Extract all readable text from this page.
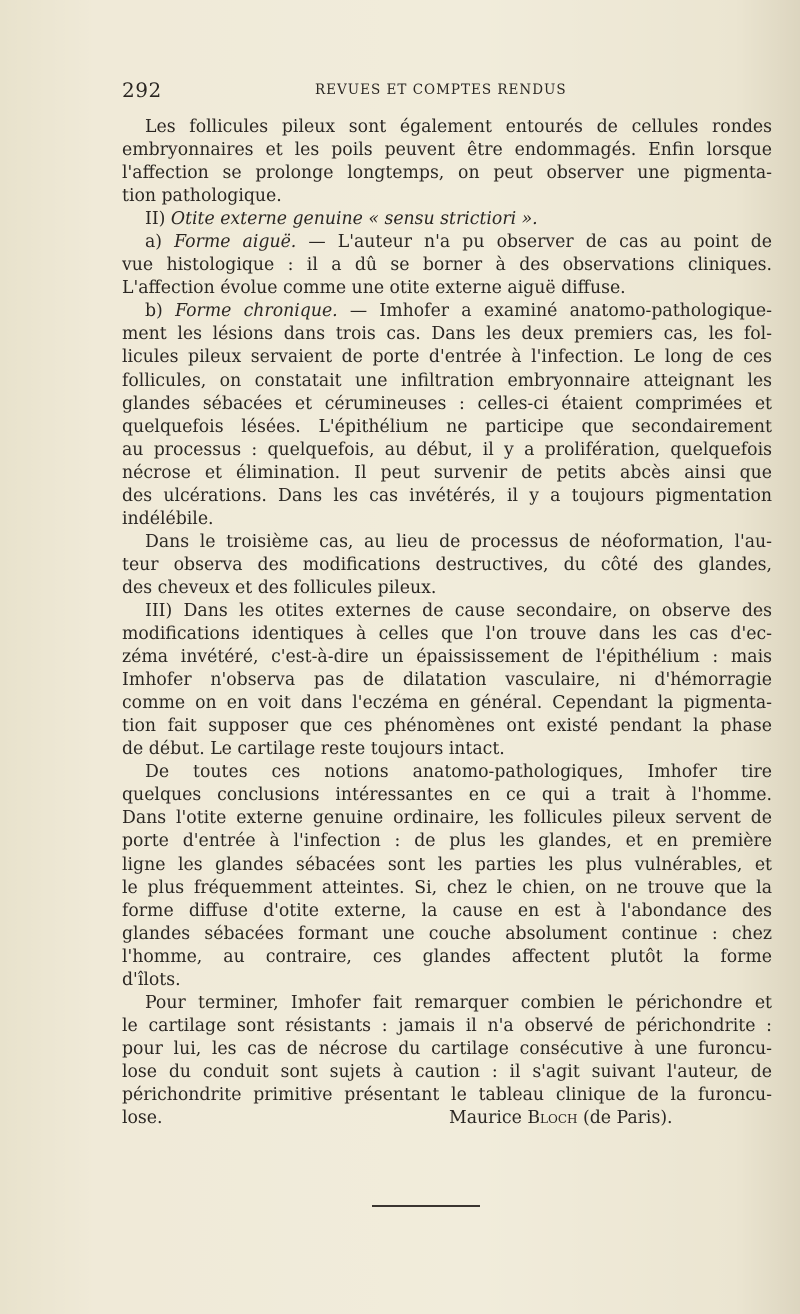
292	REVUES ET COMPTES RENDUS
Les follicules pileux sont également entourés de cellules rondes
embryonnaires et les poils peuvent être endommagés. Enfin lorsque
l'affection se prolonge longtemps, on peut observer une pigmenta-
tion pathologique.
II) Otite externe genuine « sensu strictiori ».
a) Forme aiguë. — L'auteur n'a pu observer de cas au point de
vue histologique : il a dû se borner à des observations cliniques.
L'affection évolue comme une otite externe aiguë diffuse.
b) Forme chronique. — Imhofer a examiné anatomo-pathologique-
ment les lésions dans trois cas. Dans les deux premiers cas, les fol-
licules pileux servaient de porte d'entrée à l'infection. Le long de ces
follicules, on constatait une infiltration embryonnaire atteignant les
glandes sébacées et cérumineuses : celles-ci étaient comprimées et
quelquefois lésées. L'épithélium ne participe que secondairement
au processus : quelquefois, au début, il y a prolifération, quelquefois
nécrose et élimination. Il peut survenir de petits abcès ainsi que
des ulcérations. Dans les cas invétérés, il y a toujours pigmentation
indélébile.
Dans le troisième cas, au lieu de processus de néoformation, l'au-
teur observa des modifications destructives, du côté des glandes,
des cheveux et des follicules pileux.
III) Dans les otites externes de cause secondaire, on observe des
modifications identiques à celles que l'on trouve dans les cas d'ec-
zéma invétéré, c'est-à-dire un épaississement de l'épithélium : mais
Imhofer n'observa pas de dilatation vasculaire, ni d'hémorragie
comme on en voit dans l'eczéma en général. Cependant la pigmenta-
tion fait supposer que ces phénomènes ont existé pendant la phase
de début. Le cartilage reste toujours intact.
De toutes ces notions anatomo-pathologiques, Imhofer tire
quelques conclusions intéressantes en ce qui a trait à l'homme.
Dans l'otite externe genuine ordinaire, les follicules pileux servent de
porte d'entrée à l'infection : de plus les glandes, et en première
ligne les glandes sébacées sont les parties les plus vulnérables, et
le plus fréquemment atteintes. Si, chez le chien, on ne trouve que la
forme diffuse d'otite externe, la cause en est à l'abondance des
glandes sébacées formant une couche absolument continue : chez
l'homme, au contraire, ces glandes affectent plutôt la forme
d'îlots.
Pour terminer, Imhofer fait remarquer combien le périchondre et
le cartilage sont résistants : jamais il n'a observé de périchondrite :
pour lui, les cas de nécrose du cartilage consécutive à une furoncu-
lose du conduit sont sujets à caution : il s'agit suivant l'auteur, de
périchondrite primitive présentant le tableau clinique de la furoncu-
lose.	Maurice Bloch (de Paris).
